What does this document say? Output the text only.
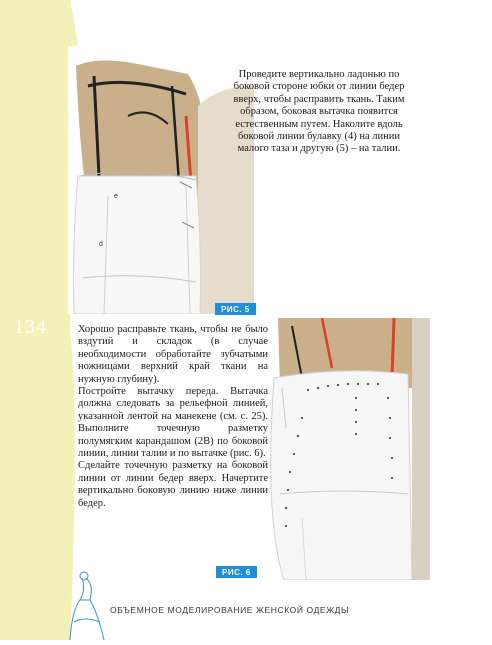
134
e
d
РИС. 5

Проведите вертикально ладонью по боковой стороне юбки от линии бедер вверх, чтобы расправить ткань. Таким образом, боковая вытачка появится естественным путем. Наколите вдоль боковой линии булавку (4) на линии малого таза и другую (5) – на талии.

РИС. 6

Хорошо расправьте ткань, чтобы не было вздутий и складок (в случае необходимости обработайте зубчатыми ножницами верхний край ткани на нужную глубину).

Постройте вытачку переда. Вытачка должна следовать за рельефной линией, указанной лентой на манекене (см. с. 25). Выполните точечную разметку полумягким карандашом (2B) по боковой линии, линии талии и по вытачке (рис. 6).

Сделайте точечную разметку на боковой линии от линии бедер вверх. Начертите вертикально боковую линию ниже линии бедер.

ОБЪЕМНОЕ МОДЕЛИРОВАНИЕ ЖЕНСКОЙ ОДЕЖДЫ
